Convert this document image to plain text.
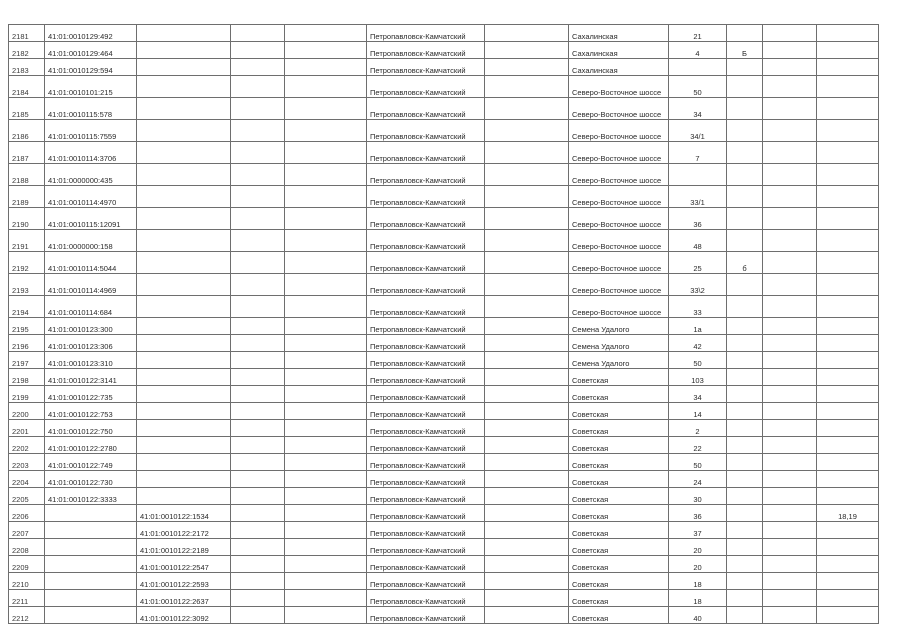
2181	41:01:0010129:492				Петропавловск-Камчатский		Сахалинская	21			
2182	41:01:0010129:464				Петропавловск-Камчатский		Сахалинская	4	Б		
2183	41:01:0010129:594				Петропавловск-Камчатский		Сахалинская				
2184	41:01:0010101:215				Петропавловск-Камчатский		Северо-Восточное шоссе	50			
2185	41:01:0010115:578				Петропавловск-Камчатский		Северо-Восточное шоссе	34			
2186	41:01:0010115:7559				Петропавловск-Камчатский		Северо-Восточное шоссе	34/1			
2187	41:01:0010114:3706				Петропавловск-Камчатский		Северо-Восточное шоссе	7			
2188	41:01:0000000:435				Петропавловск-Камчатский		Северо-Восточное шоссе				
2189	41:01:0010114:4970				Петропавловск-Камчатский		Северо-Восточное шоссе	33/1			
2190	41:01:0010115:12091				Петропавловск-Камчатский		Северо-Восточное шоссе	36			
2191	41:01:0000000:158				Петропавловск-Камчатский		Северо-Восточное шоссе	48			
2192	41:01:0010114:5044				Петропавловск-Камчатский		Северо-Восточное шоссе	25	б		
2193	41:01:0010114:4969				Петропавловск-Камчатский		Северо-Восточное шоссе	33\2			
2194	41:01:0010114:684				Петропавловск-Камчатский		Северо-Восточное шоссе	33			
2195	41:01:0010123:300				Петропавловск-Камчатский		Семена Удалого	1а			
2196	41:01:0010123:306				Петропавловск-Камчатский		Семена Удалого	42			
2197	41:01:0010123:310				Петропавловск-Камчатский		Семена Удалого	50			
2198	41:01:0010122:3141				Петропавловск-Камчатский		Советская	103			
2199	41:01:0010122:735				Петропавловск-Камчатский		Советская	34			
2200	41:01:0010122:753				Петропавловск-Камчатский		Советская	14			
2201	41:01:0010122:750				Петропавловск-Камчатский		Советская	2			
2202	41:01:0010122:2780				Петропавловск-Камчатский		Советская	22			
2203	41:01:0010122:749				Петропавловск-Камчатский		Советская	50			
2204	41:01:0010122:730				Петропавловск-Камчатский		Советская	24			
2205	41:01:0010122:3333				Петропавловск-Камчатский		Советская	30			
2206		41:01:0010122:1534			Петропавловск-Камчатский		Советская	36			18,19
2207		41:01:0010122:2172			Петропавловск-Камчатский		Советская	37			
2208		41:01:0010122:2189			Петропавловск-Камчатский		Советская	20			
2209		41:01:0010122:2547			Петропавловск-Камчатский		Советская	20			
2210		41:01:0010122:2593			Петропавловск-Камчатский		Советская	18			
2211		41:01:0010122:2637			Петропавловск-Камчатский		Советская	18			
2212		41:01:0010122:3092			Петропавловск-Камчатский		Советская	40			
